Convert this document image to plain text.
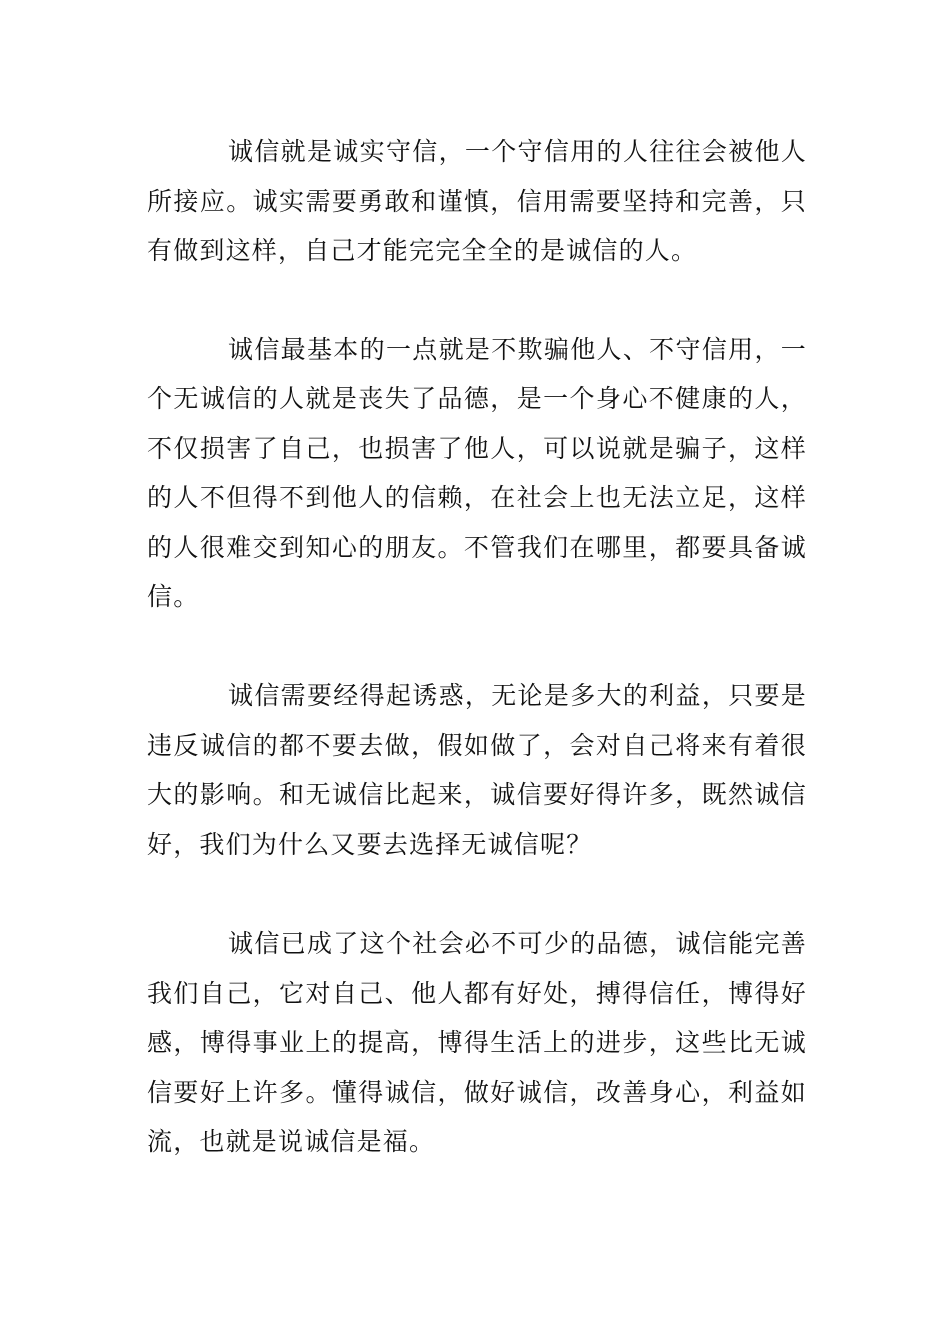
诚信就是诚实守信，一个守信用的人往往会被他人
所接应。诚实需要勇敢和谨慎，信用需要坚持和完善，只
有做到这样，自己才能完完全全的是诚信的人。
诚信最基本的一点就是不欺骗他人、不守信用，一
个无诚信的人就是丧失了品德，是一个身心不健康的人，
不仅损害了自己，也损害了他人，可以说就是骗子，这样
的人不但得不到他人的信赖，在社会上也无法立足，这样
的人很难交到知心的朋友。不管我们在哪里，都要具备诚
信。
诚信需要经得起诱惑，无论是多大的利益，只要是
违反诚信的都不要去做，假如做了，会对自己将来有着很
大的影响。和无诚信比起来，诚信要好得许多，既然诚信
好，我们为什么又要去选择无诚信呢？
诚信已成了这个社会必不可少的品德，诚信能完善
我们自己，它对自己、他人都有好处，搏得信任，博得好
感，博得事业上的提高，博得生活上的进步，这些比无诚
信要好上许多。懂得诚信，做好诚信，改善身心，利益如
流，也就是说诚信是福。
